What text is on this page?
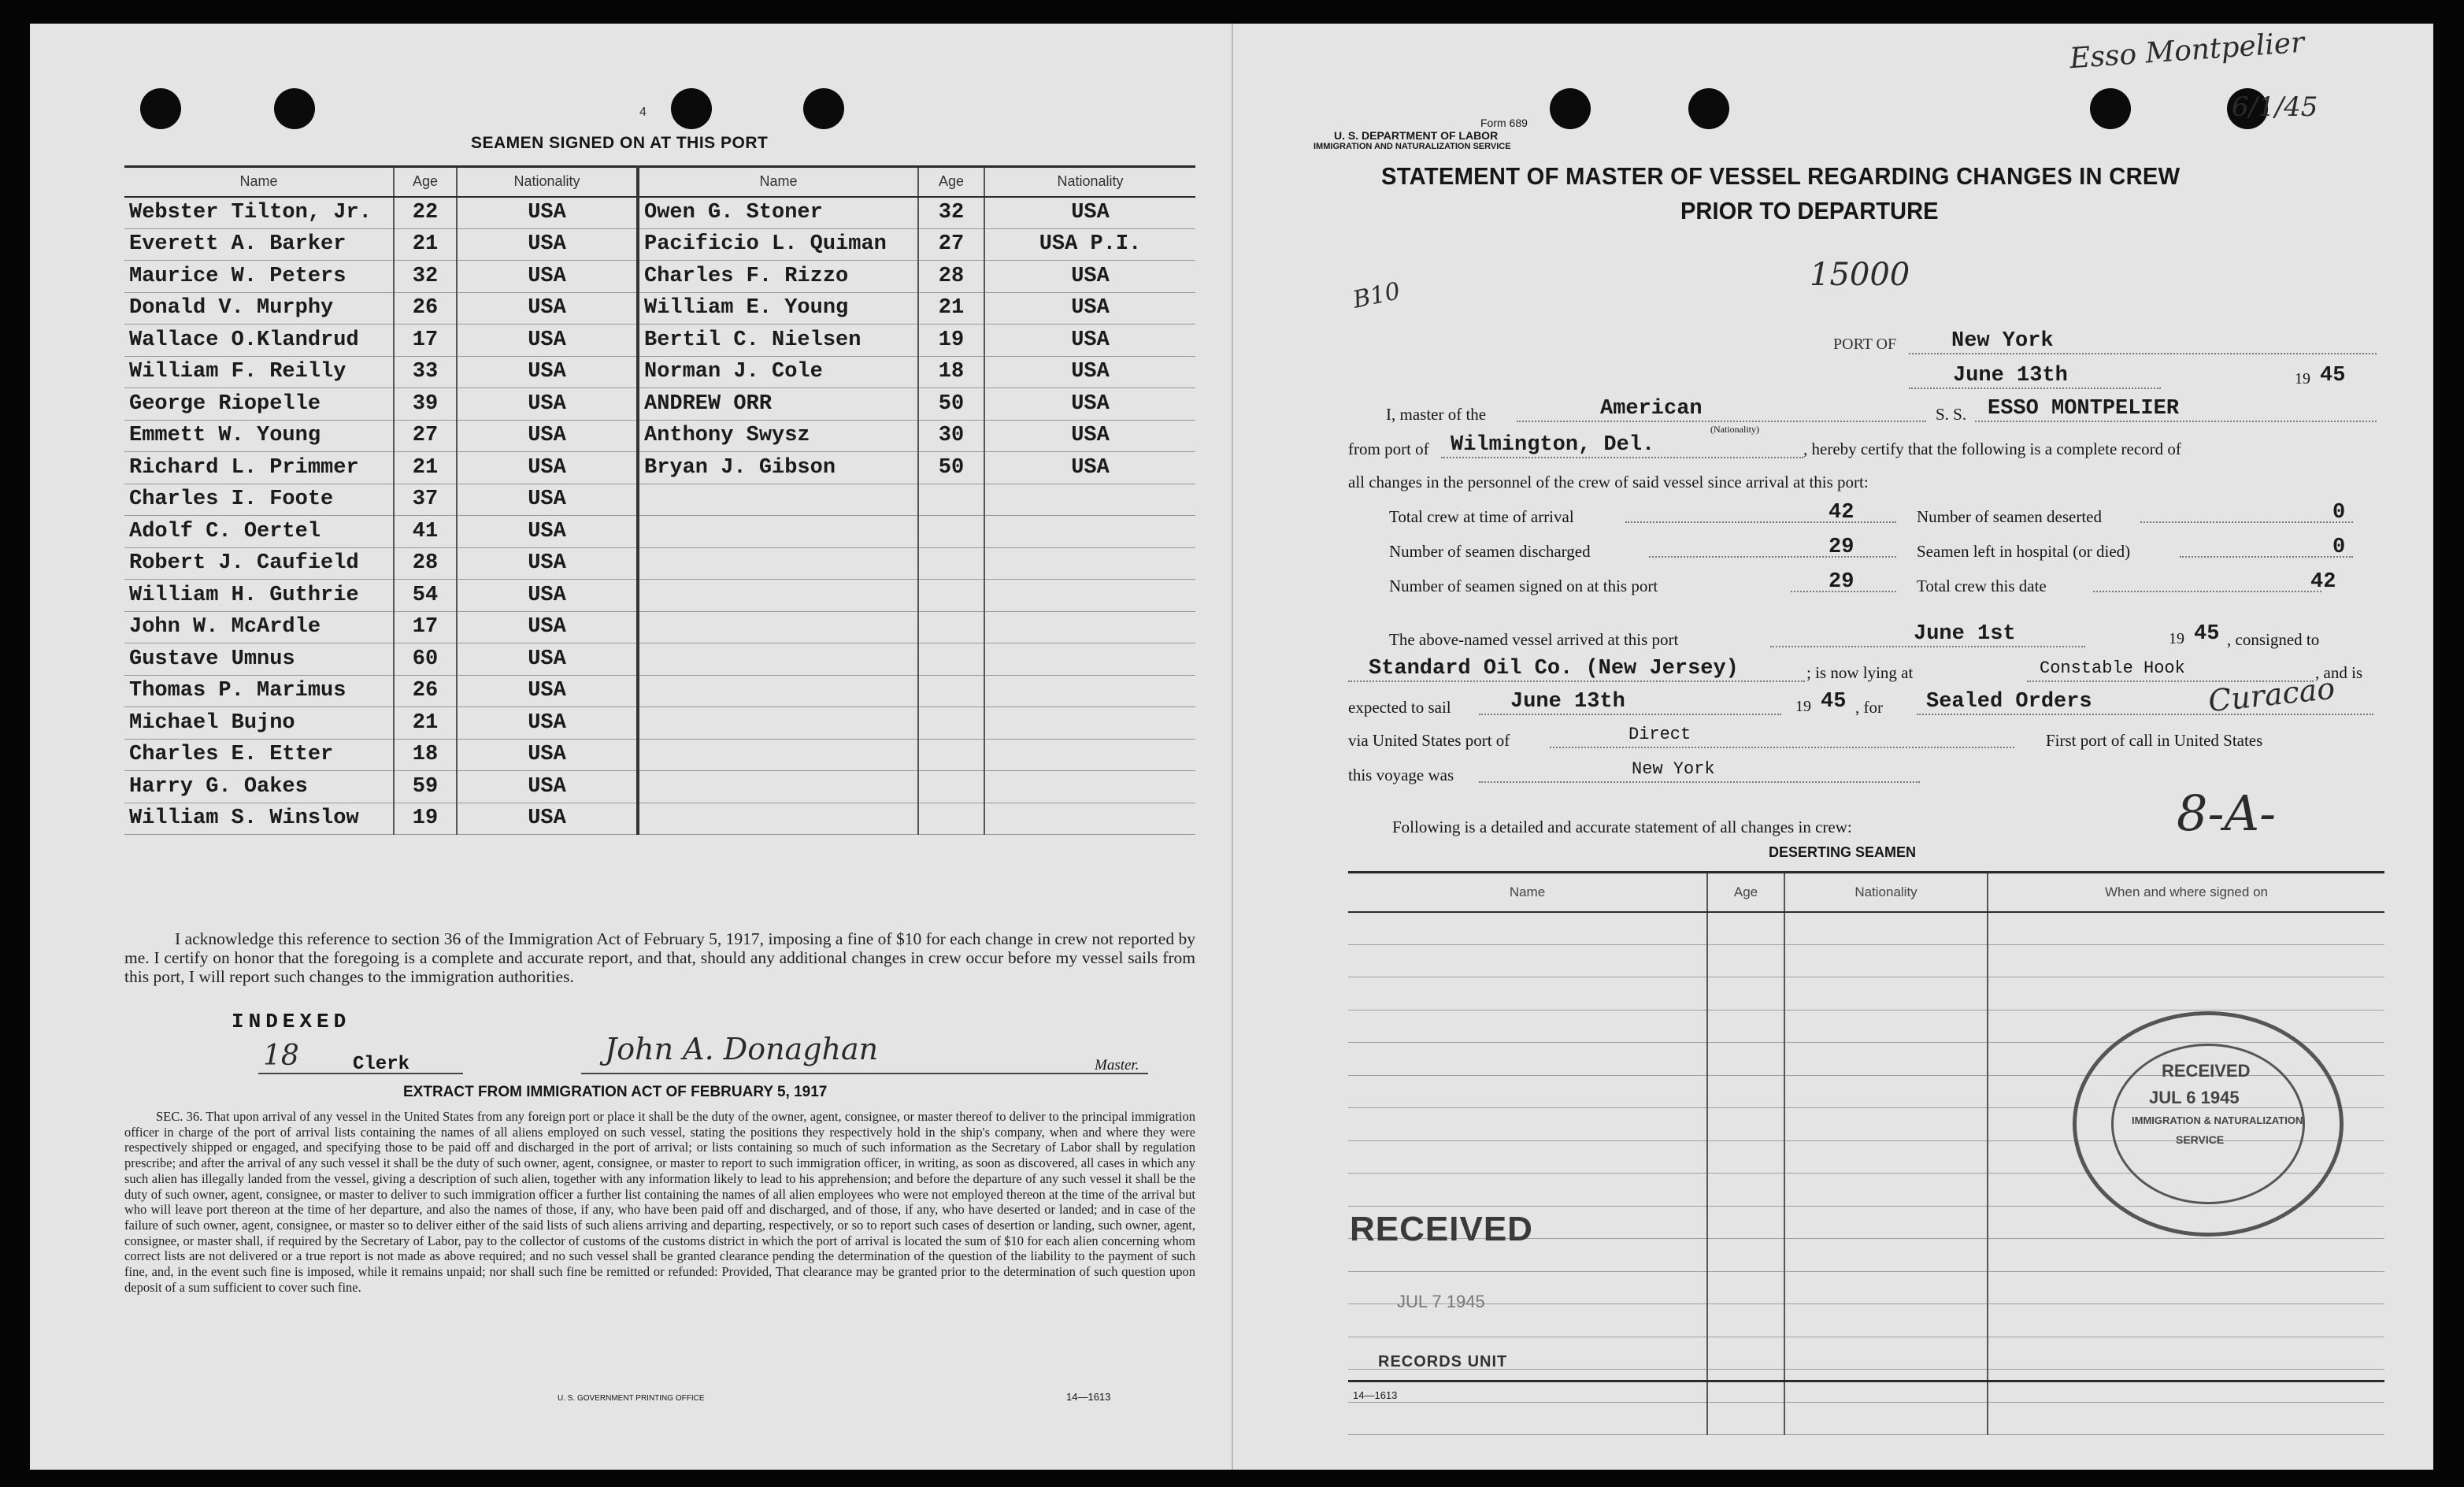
4
SEAMEN SIGNED ON AT THIS PORT
Name	Age	Nationality	Name	Age	Nationality
Webster Tilton, Jr.	22	USA	Owen G. Stoner	32	USA
Everett A. Barker	21	USA	Pacificio L. Quiman	27	USA P.I.
Maurice W. Peters	32	USA	Charles F. Rizzo	28	USA
Donald V. Murphy	26	USA	William E. Young	21	USA
Wallace O.Klandrud	17	USA	Bertil C. Nielsen	19	USA
William F. Reilly	33	USA	Norman J. Cole	18	USA
George Riopelle	39	USA	ANDREW ORR	50	USA
Emmett W. Young	27	USA	Anthony Swysz	30	USA
Richard L. Primmer	21	USA	Bryan J. Gibson	50	USA
Charles I. Foote	37	USA			
Adolf C. Oertel	41	USA			
Robert J. Caufield	28	USA			
William H. Guthrie	54	USA			
John W. McArdle	17	USA			
Gustave Umnus	60	USA			
Thomas P. Marimus	26	USA			
Michael Bujno	21	USA			
Charles E. Etter	18	USA			
Harry G. Oakes	59	USA			
William S. Winslow	19	USA			
I acknowledge this reference to section 36 of the Immigration Act of February 5, 1917, imposing a fine of $10 for each change in crew not reported by me. I certify on honor that the foregoing is a complete and accurate report, and that, should any additional changes in crew occur before my vessel sails from this port, I will report such changes to the immigration authorities.
INDEXED
18	Clerk	John A. Donaghan	Master.
EXTRACT FROM IMMIGRATION ACT OF FEBRUARY 5, 1917
SEC. 36. That upon arrival of any vessel in the United States from any foreign port or place it shall be the duty of the owner, agent, consignee, or master thereof to deliver to the principal immigration officer in charge of the port of arrival lists containing the names of all aliens employed on such vessel, stating the positions they respectively hold in the ship's company, when and where they were respectively shipped or engaged, and specifying those to be paid off and discharged in the port of arrival; or lists containing so much of such information as the Secretary of Labor shall by regulation prescribe; and after the arrival of any such vessel it shall be the duty of such owner, agent, consignee, or master to report to such immigration officer, in writing, as soon as discovered, all cases in which any such alien has illegally landed from the vessel, giving a description of such alien, together with any information likely to lead to his apprehension; and before the departure of any such vessel it shall be the duty of such owner, agent, consignee, or master to deliver to such immigration officer a further list containing the names of all alien employees who were not employed thereon at the time of the arrival but who will leave port thereon at the time of her departure, and also the names of those, if any, who have been paid off and discharged, and of those, if any, who have deserted or landed; and in case of the failure of such owner, agent, consignee, or master so to deliver either of the said lists of such aliens arriving and departing, respectively, or so to report such cases of desertion or landing, such owner, agent, consignee, or master shall, if required by the Secretary of Labor, pay to the collector of customs of the customs district in which the port of arrival is located the sum of $10 for each alien concerning whom correct lists are not delivered or a true report is not made as above required; and no such vessel shall be granted clearance pending the determination of the question of the liability to the payment of such fine, and, in the event such fine is imposed, while it remains unpaid; nor shall such fine be remitted or refunded: Provided, That clearance may be granted prior to the determination of such question upon deposit of a sum sufficient to cover such fine.
U. S. GOVERNMENT PRINTING OFFICE	14—1613
Esso Montpelier
6/1/45
Form 689
U. S. DEPARTMENT OF LABOR
IMMIGRATION AND NATURALIZATION SERVICE
STATEMENT OF MASTER OF VESSEL REGARDING CHANGES IN CREW
PRIOR TO DEPARTURE
15000
B10
PORT OF	New York
June 13th	19 45
I, master of the	American
(Nationality)
S. S. ESSO MONTPELIER
from port of Wilmington, Del.	, hereby certify that the following is a complete record of
all changes in the personnel of the crew of said vessel since arrival at this port:
Total crew at time of arrival	42
Number of seamen discharged	29
Number of seamen signed on at this port	29
Number of seamen deserted	0
Seamen left in hospital (or died)	0
Total crew this date	42
The above-named vessel arrived at this port	June 1st	19 45 , consigned to
Standard Oil Co. (New Jersey)	; is now lying at	Constable Hook	, and is
expected to sail	June 13th	19 45 , for Sealed Orders	Curacao
via United States port of	Direct	First port of call in United States
this voyage was	New York
8-A-
Following is a detailed and accurate statement of all changes in crew:
DESERTING SEAMEN
Name	Age	Nationality	When and where signed on

RECEIVED
JUL 6 1945
IMMIGRATION & NATURALIZATION
SERVICE
RECEIVED
JUL 7 1945
RECORDS UNIT
14—1613
